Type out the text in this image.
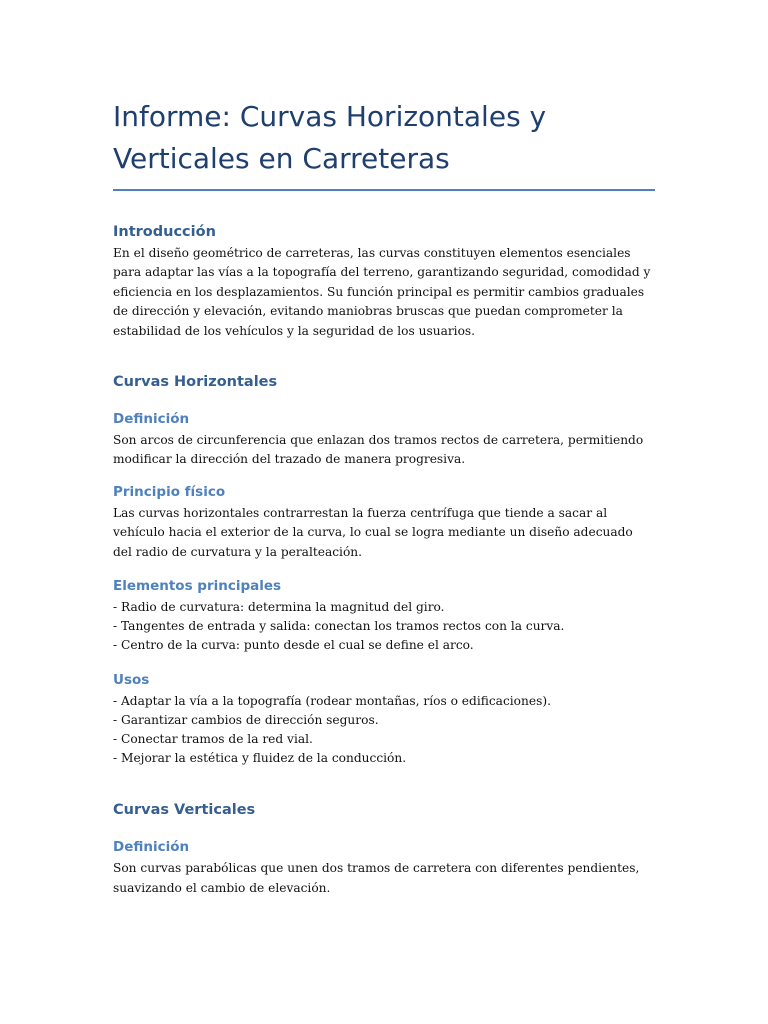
Informe: Curvas Horizontales y
Verticales en Carreteras
Introducción

En el diseño geométrico de carreteras, las curvas constituyen elementos esenciales para adaptar las vías a la topografía del terreno, garantizando seguridad, comodidad y eficiencia en los desplazamientos. Su función principal es permitir cambios graduales de dirección y elevación, evitando maniobras bruscas que puedan comprometer la estabilidad de los vehículos y la seguridad de los usuarios.

Curvas Horizontales
Definición

Son arcos de circunferencia que enlazan dos tramos rectos de carretera, permitiendo modificar la dirección del trazado de manera progresiva.

Principio físico

Las curvas horizontales contrarrestan la fuerza centrífuga que tiende a sacar al vehículo hacia el exterior de la curva, lo cual se logra mediante un diseño adecuado del radio de curvatura y la peralteación.

Elementos principales

- Radio de curvatura: determina la magnitud del giro.

- Tangentes de entrada y salida: conectan los tramos rectos con la curva.

- Centro de la curva: punto desde el cual se define el arco.

Usos

- Adaptar la vía a la topografía (rodear montañas, ríos o edificaciones).

- Garantizar cambios de dirección seguros.

- Conectar tramos de la red vial.

- Mejorar la estética y fluidez de la conducción.

Curvas Verticales
Definición

Son curvas parabólicas que unen dos tramos de carretera con diferentes pendientes, suavizando el cambio de elevación.
